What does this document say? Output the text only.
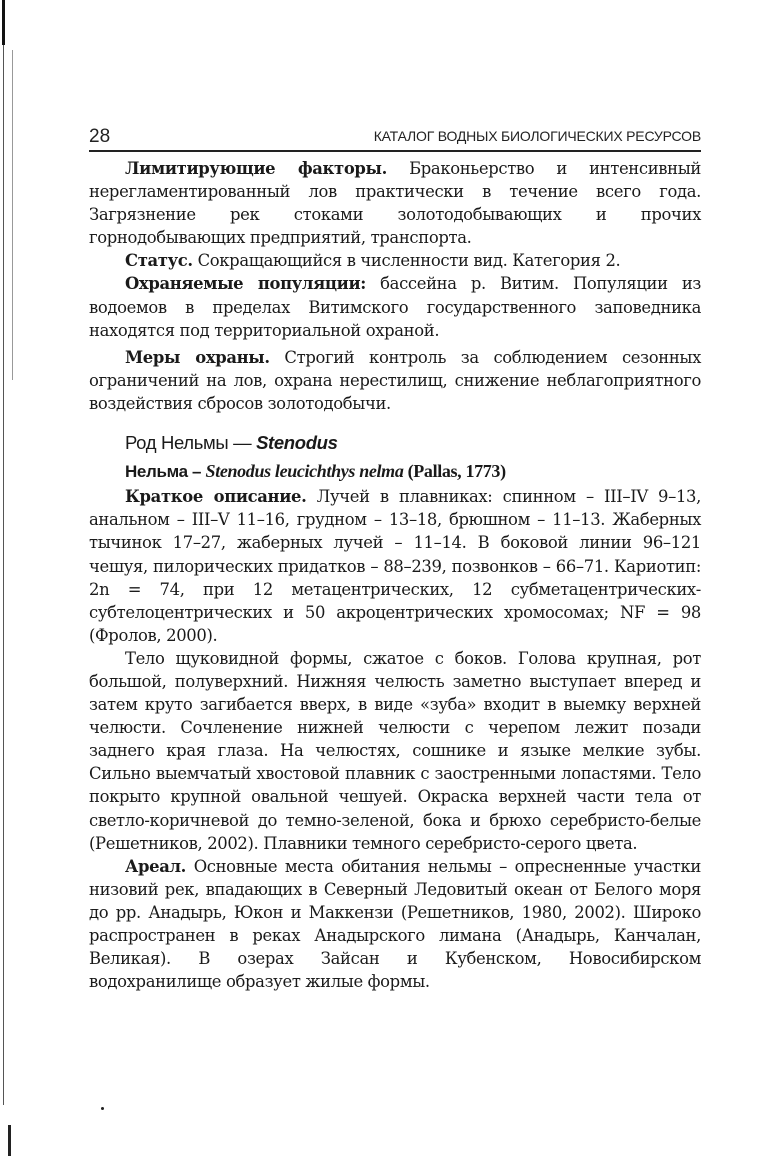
28	КАТАЛОГ ВОДНЫХ БИОЛОГИЧЕСКИХ РЕСУРСОВ

Лимитирующие факторы. Браконьерство и интенсивный нерегламентированный лов практически в течение всего года. Загрязнение рек стоками золотодобывающих и прочих горнодобывающих предприятий, транспорта.

Статус. Сокращающийся в численности вид. Категория 2.

Охраняемые популяции: бассейна р. Витим. Популяции из водоемов в пределах Витимского государственного заповедника находятся под территориальной охраной.

Меры охраны. Строгий контроль за соблюдением сезонных ограничений на лов, охрана нерестилищ, снижение неблагоприятного воздействия сбросов золотодобычи.

Род Нельмы — Stenodus

Нельма – Stenodus leucichthys nelma (Pallas, 1773)

Краткое описание. Лучей в плавниках: спинном – III–IV 9–13, анальном – III–V 11–16, грудном – 13–18, брюшном – 11–13. Жаберных тычинок 17–27, жаберных лучей – 11–14. В боковой линии 96–121 чешуя, пилорических придатков – 88–239, позвонков – 66–71. Кариотип: 2n = 74, при 12 метацентрических, 12 субметацентрических- субтелоцентрических и 50 акроцентрических хромосомах; NF = 98 (Фролов, 2000).

Тело щуковидной формы, сжатое с боков. Голова крупная, рот большой, полуверхний. Нижняя челюсть заметно выступает вперед и затем круто загибается вверх, в виде «зуба» входит в выемку верхней челюсти. Сочленение нижней челюсти с черепом лежит позади заднего края глаза. На челюстях, сошнике и языке мелкие зубы. Сильно выемчатый хвостовой плавник с заостренными лопастями. Тело покрыто крупной овальной чешуей. Окраска верхней части тела от светло-коричневой до темно-зеленой, бока и брюхо серебристо-белые (Решетников, 2002). Плавники темного серебристо-серого цвета.

Ареал. Основные места обитания нельмы – опресненные участки низовий рек, впадающих в Северный Ледовитый океан от Белого моря до рр. Анадырь, Юкон и Маккензи (Решетников, 1980, 2002). Широко распространен в реках Анадырского лимана (Анадырь, Канчалан, Великая). В озерах Зайсан и Кубенском, Новосибирском водохранилище образует жилые формы.
